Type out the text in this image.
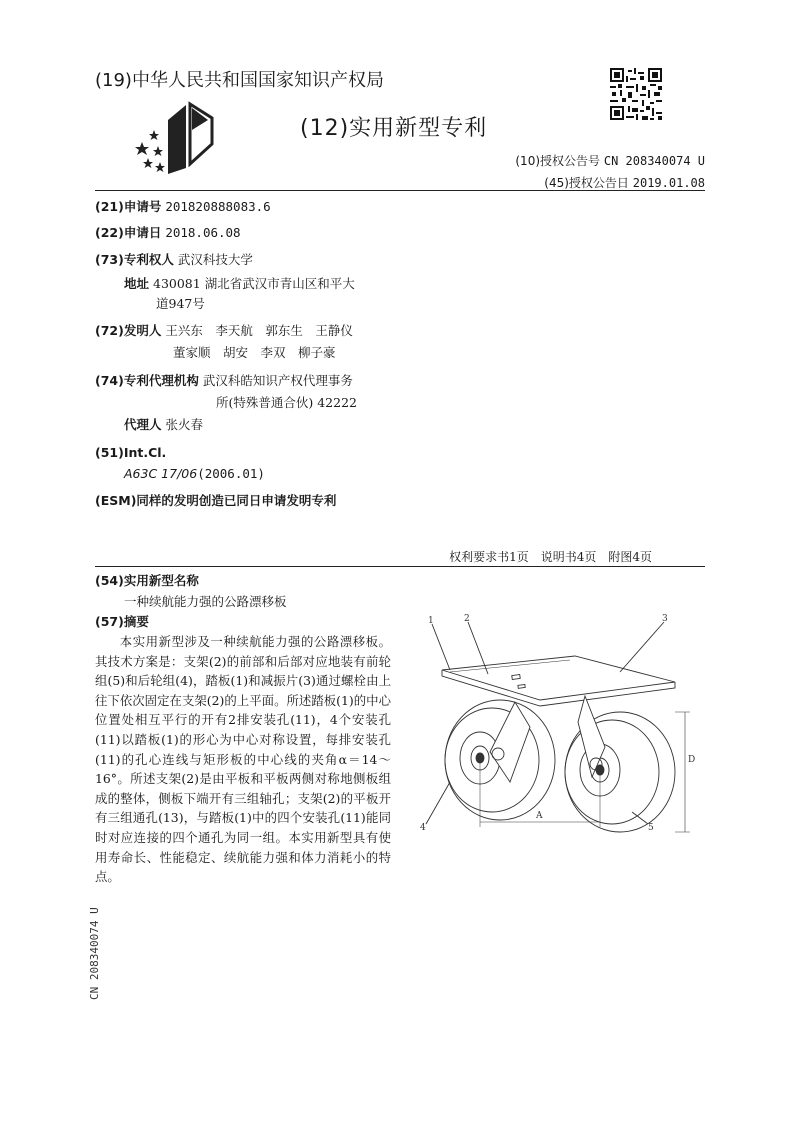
(19)中华人民共和国国家知识产权局
(12)实用新型专利
(10)授权公告号 CN 208340074 U
(45)授权公告日 2019.01.08
(21)申请号 201820888083.6
(22)申请日 2018.06.08
(73)专利权人 武汉科技大学
地址 430081 湖北省武汉市青山区和平大
道947号
(72)发明人 王兴东　李天航　郭东生　王静仪
董家顺　胡安　李双　柳子豪
(74)专利代理机构 武汉科皓知识产权代理事务
所(特殊普通合伙) 42222
代理人 张火春
(51)Int.Cl.
A63C 17/06(2006.01)
(ESM)同样的发明创造已同日申请发明专利
权利要求书1页　说明书4页　附图4页
(54)实用新型名称
一种续航能力强的公路漂移板
(57)摘要
本实用新型涉及一种续航能力强的公路漂移板。其技术方案是：支架(2)的前部和后部对应地装有前轮组(5)和后轮组(4)，踏板(1)和减振片(3)通过螺栓由上往下依次固定在支架(2)的上平面。所述踏板(1)的中心位置处相互平行的开有2排安装孔(11)，4个安装孔(11)以踏板(1)的形心为中心对称设置，每排安装孔(11)的孔心连线与矩形板的中心线的夹角α＝14～16°。所述支架(2)是由平板和平板两侧对称地侧板组成的整体，侧板下端开有三组轴孔；支架(2)的平板开有三组通孔(13)，与踏板(1)中的四个安装孔(11)能同时对应连接的四个通孔为同一组。本实用新型具有使用寿命长、性能稳定、续航能力强和体力消耗小的特点。
1	2	3
4	5
A
D
CN 208340074 U
